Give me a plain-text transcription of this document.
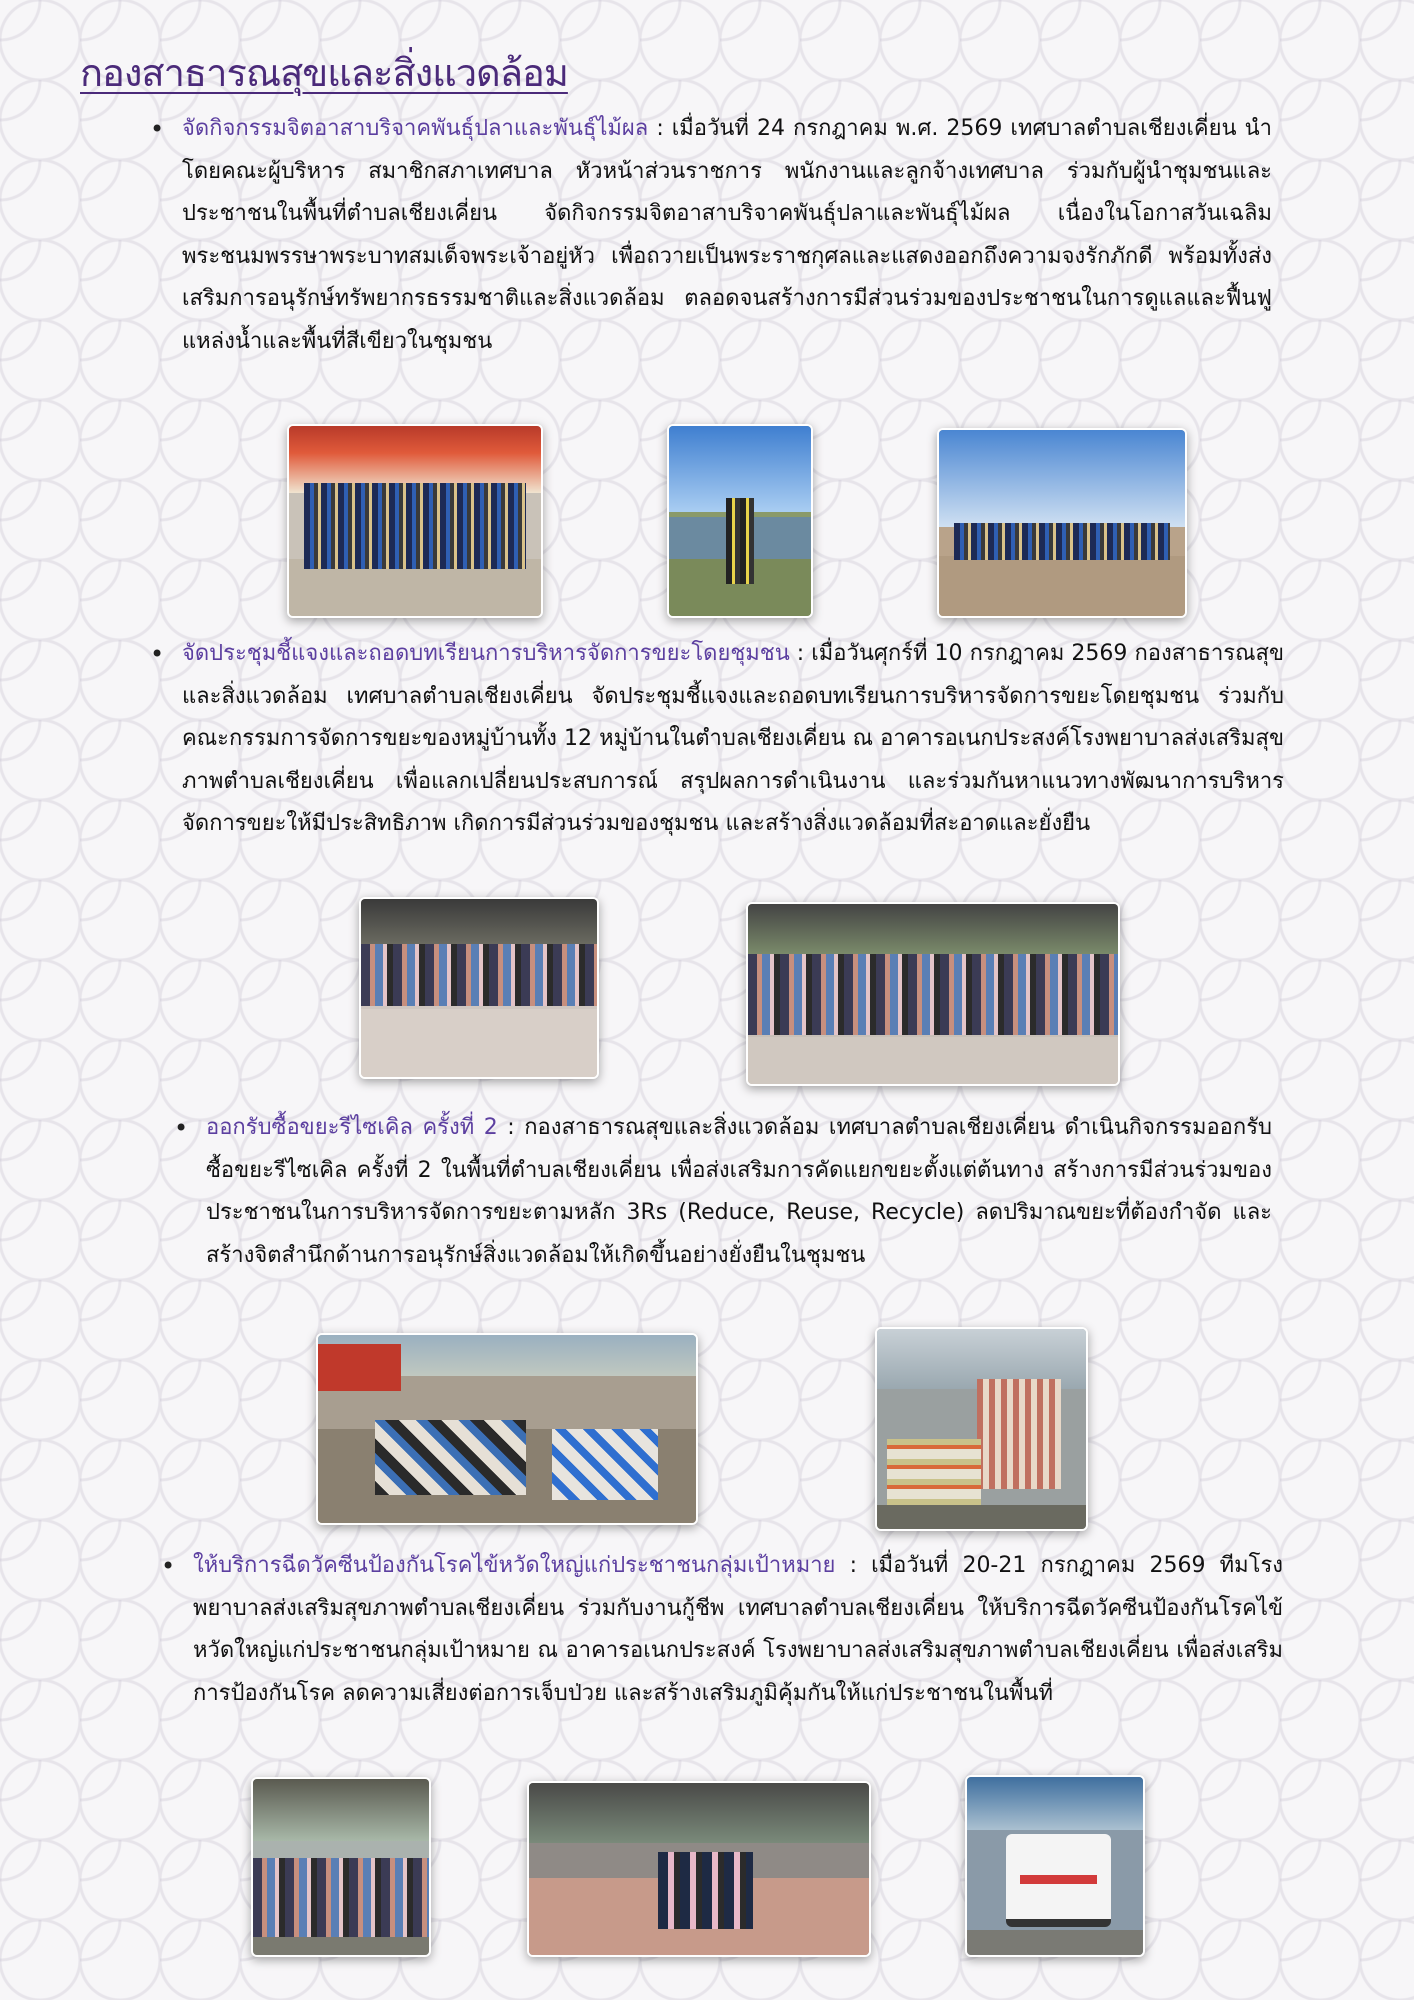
กองสาธารณสุขและสิ่งแวดล้อม

• จัดกิจกรรมจิตอาสาบริจาคพันธุ์ปลาและพันธุ์ไม้ผล : เมื่อวันที่ 24 กรกฎาคม พ.ศ. 2569 เทศบาลตำบลเชียงเคี่ยน นำโดยคณะผู้บริหาร สมาชิกสภาเทศบาล หัวหน้าส่วนราชการ พนักงานและลูกจ้างเทศบาล ร่วมกับผู้นำชุมชนและประชาชนในพื้นที่ตำบลเชียงเคี่ยน จัดกิจกรรมจิตอาสาบริจาคพันธุ์ปลาและพันธุ์ไม้ผล เนื่องในโอกาสวันเฉลิมพระชนมพรรษาพระบาทสมเด็จพระเจ้าอยู่หัว เพื่อถวายเป็นพระราชกุศลและแสดงออกถึงความจงรักภักดี พร้อมทั้งส่งเสริมการอนุรักษ์ทรัพยากรธรรมชาติและสิ่งแวดล้อม ตลอดจนสร้างการมีส่วนร่วมของประชาชนในการดูแลและฟื้นฟูแหล่งน้ำและพื้นที่สีเขียวในชุมชน

• จัดประชุมชี้แจงและถอดบทเรียนการบริหารจัดการขยะโดยชุมชน : เมื่อวันศุกร์ที่ 10 กรกฎาคม 2569 กองสาธารณสุขและสิ่งแวดล้อม เทศบาลตำบลเชียงเคี่ยน จัดประชุมชี้แจงและถอดบทเรียนการบริหารจัดการขยะโดยชุมชน ร่วมกับคณะกรรมการจัดการขยะของหมู่บ้านทั้ง 12 หมู่บ้านในตำบลเชียงเคี่ยน ณ อาคารอเนกประสงค์โรงพยาบาลส่งเสริมสุขภาพตำบลเชียงเคี่ยน เพื่อแลกเปลี่ยนประสบการณ์ สรุปผลการดำเนินงาน และร่วมกันหาแนวทางพัฒนาการบริหารจัดการขยะให้มีประสิทธิภาพ เกิดการมีส่วนร่วมของชุมชน และสร้างสิ่งแวดล้อมที่สะอาดและยั่งยืน

• ออกรับซื้อขยะรีไซเคิล ครั้งที่ 2 : กองสาธารณสุขและสิ่งแวดล้อม เทศบาลตำบลเชียงเคี่ยน ดำเนินกิจกรรมออกรับซื้อขยะรีไซเคิล ครั้งที่ 2 ในพื้นที่ตำบลเชียงเคี่ยน เพื่อส่งเสริมการคัดแยกขยะตั้งแต่ต้นทาง สร้างการมีส่วนร่วมของประชาชนในการบริหารจัดการขยะตามหลัก 3Rs (Reduce, Reuse, Recycle) ลดปริมาณขยะที่ต้องกำจัด และสร้างจิตสำนึกด้านการอนุรักษ์สิ่งแวดล้อมให้เกิดขึ้นอย่างยั่งยืนในชุมชน

• ให้บริการฉีดวัคซีนป้องกันโรคไข้หวัดใหญ่แก่ประชาชนกลุ่มเป้าหมาย : เมื่อวันที่ 20-21 กรกฎาคม 2569 ทีมโรงพยาบาลส่งเสริมสุขภาพตำบลเชียงเคี่ยน ร่วมกับงานกู้ชีพ เทศบาลตำบลเชียงเคี่ยน ให้บริการฉีดวัคซีนป้องกันโรคไข้หวัดใหญ่แก่ประชาชนกลุ่มเป้าหมาย ณ อาคารอเนกประสงค์ โรงพยาบาลส่งเสริมสุขภาพตำบลเชียงเคี่ยน เพื่อส่งเสริมการป้องกันโรค ลดความเสี่ยงต่อการเจ็บป่วย และสร้างเสริมภูมิคุ้มกันให้แก่ประชาชนในพื้นที่
